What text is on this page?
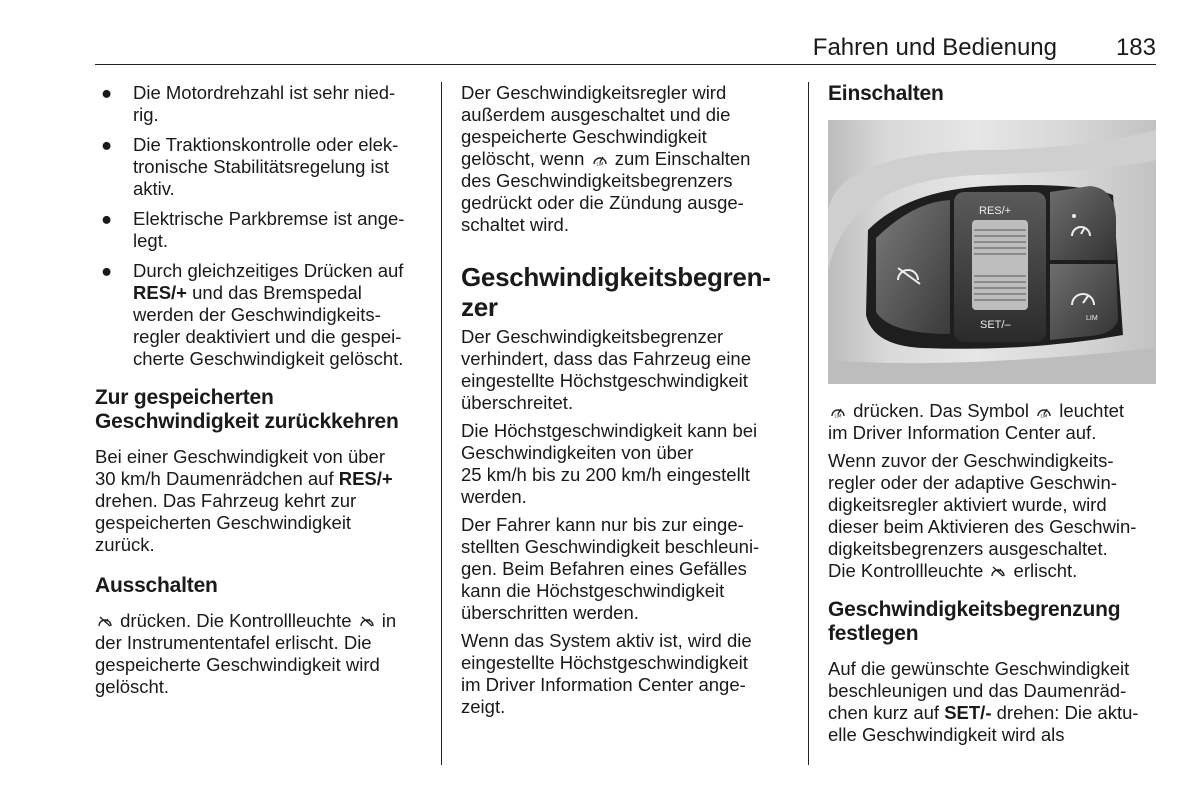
Fahren und Bedienung 183
● Die Motordrehzahl ist sehr nied-
rig.
● Die Traktionskontrolle oder elek-
tronische Stabilitätsregelung ist
aktiv.
● Elektrische Parkbremse ist ange-
legt.
● Durch gleichzeitiges Drücken auf
RES/+ und das Bremspedal
werden der Geschwindigkeits-
regler deaktiviert und die gespei-
cherte Geschwindigkeit gelöscht.
Zur gespeicherten
Geschwindigkeit zurückkehren

Bei einer Geschwindigkeit von über
30 km/h Daumenrädchen auf RES/+
drehen. Das Fahrzeug kehrt zur
gespeicherten Geschwindigkeit
zurück.

Ausschalten

drücken. Die Kontrollleuchte  in
der Instrumententafel erlischt. Die
gespeicherte Geschwindigkeit wird
gelöscht.

Der Geschwindigkeitsregler wird
außerdem ausgeschaltet und die
gespeicherte Geschwindigkeit
gelöscht, wenn LIM zum Einschalten
des Geschwindigkeitsbegrenzers
gedrückt oder die Zündung ausge-
schaltet wird.

Geschwindigkeitsbegren-
zer

Der Geschwindigkeitsbegrenzer
verhindert, dass das Fahrzeug eine
eingestellte Höchstgeschwindigkeit
überschreitet.

Die Höchstgeschwindigkeit kann bei
Geschwindigkeiten von über
25 km/h bis zu 200 km/h eingestellt
werden.

Der Fahrer kann nur bis zur einge-
stellten Geschwindigkeit beschleuni-
gen. Beim Befahren eines Gefälles
kann die Höchstgeschwindigkeit
überschritten werden.

Wenn das System aktiv ist, wird die
eingestellte Höchstgeschwindigkeit
im Driver Information Center ange-
zeigt.

Einschalten
RES/+
SET/–
LIM

LIM drücken. Das Symbol LIM leuchtet
im Driver Information Center auf.

Wenn zuvor der Geschwindigkeits-
regler oder der adaptive Geschwin-
digkeitsregler aktiviert wurde, wird
dieser beim Aktivieren des Geschwin-
digkeitsbegrenzers ausgeschaltet.
Die Kontrollleuchte  erlischt.

Geschwindigkeitsbegrenzung
festlegen

Auf die gewünschte Geschwindigkeit
beschleunigen und das Daumenräd-
chen kurz auf SET/- drehen: Die aktu-
elle Geschwindigkeit wird als
